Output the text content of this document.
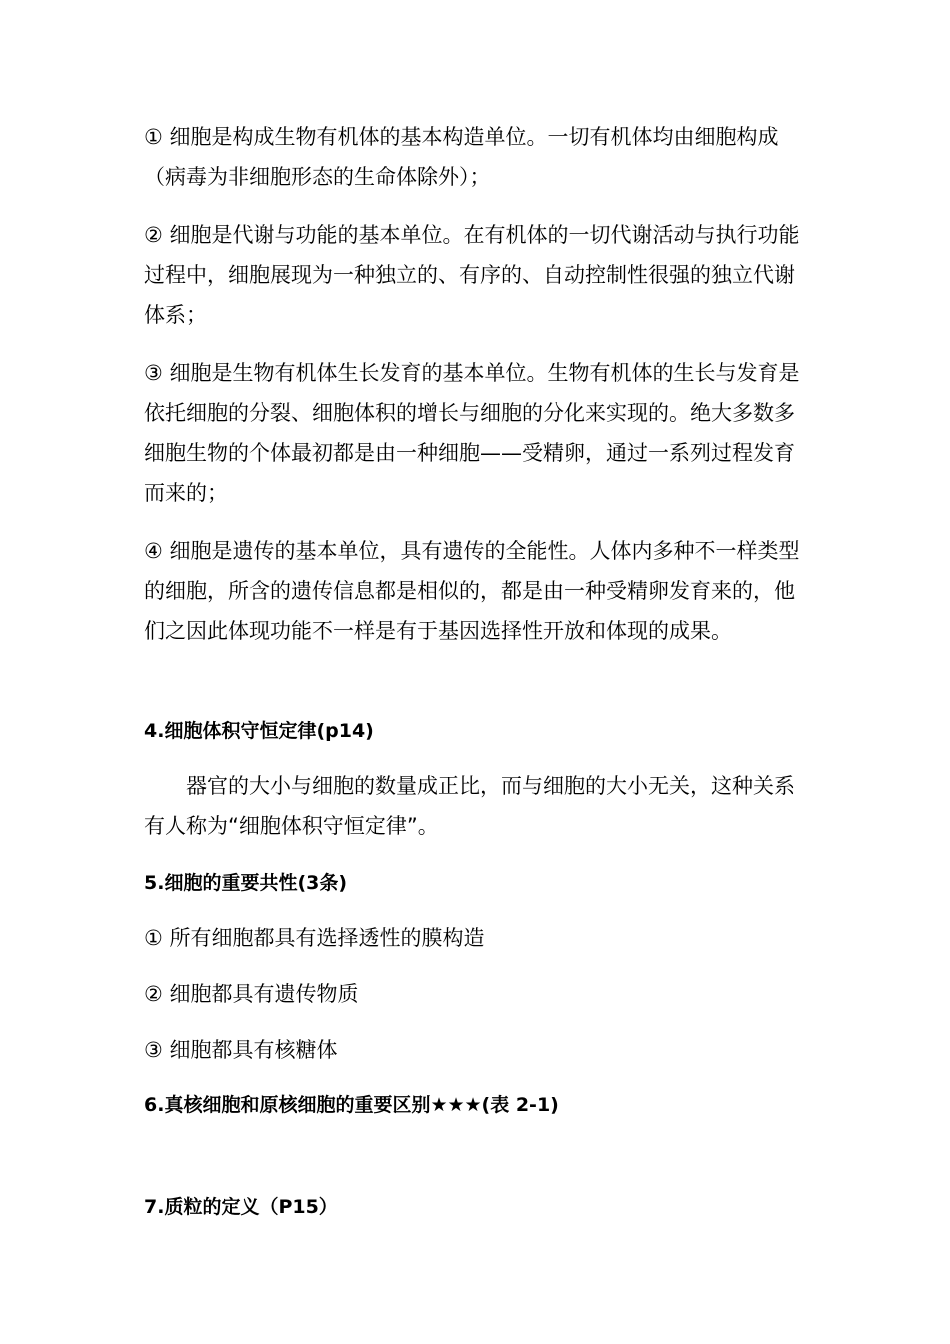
① 细胞是构成生物有机体的基本构造单位。一切有机体均由细胞构成（病毒为非细胞形态的生命体除外）；

② 细胞是代谢与功能的基本单位。在有机体的一切代谢活动与执行功能过程中，细胞展现为一种独立的、有序的、自动控制性很强的独立代谢体系；

③ 细胞是生物有机体生长发育的基本单位。生物有机体的生长与发育是依托细胞的分裂、细胞体积的增长与细胞的分化来实现的。绝大多数多细胞生物的个体最初都是由一种细胞——受精卵，通过一系列过程发育而来的；

④ 细胞是遗传的基本单位，具有遗传的全能性。人体内多种不一样类型的细胞，所含的遗传信息都是相似的，都是由一种受精卵发育来的，他们之因此体现功能不一样是有于基因选择性开放和体现的成果。

4.细胞体积守恒定律(p14)

器官的大小与细胞的数量成正比，而与细胞的大小无关，这种关系有人称为“细胞体积守恒定律”。

5.细胞的重要共性(3条)

① 所有细胞都具有选择透性的膜构造

② 细胞都具有遗传物质

③ 细胞都具有核糖体

6.真核细胞和原核细胞的重要区别★★★(表 2-1)
7.质粒的定义（P15）
